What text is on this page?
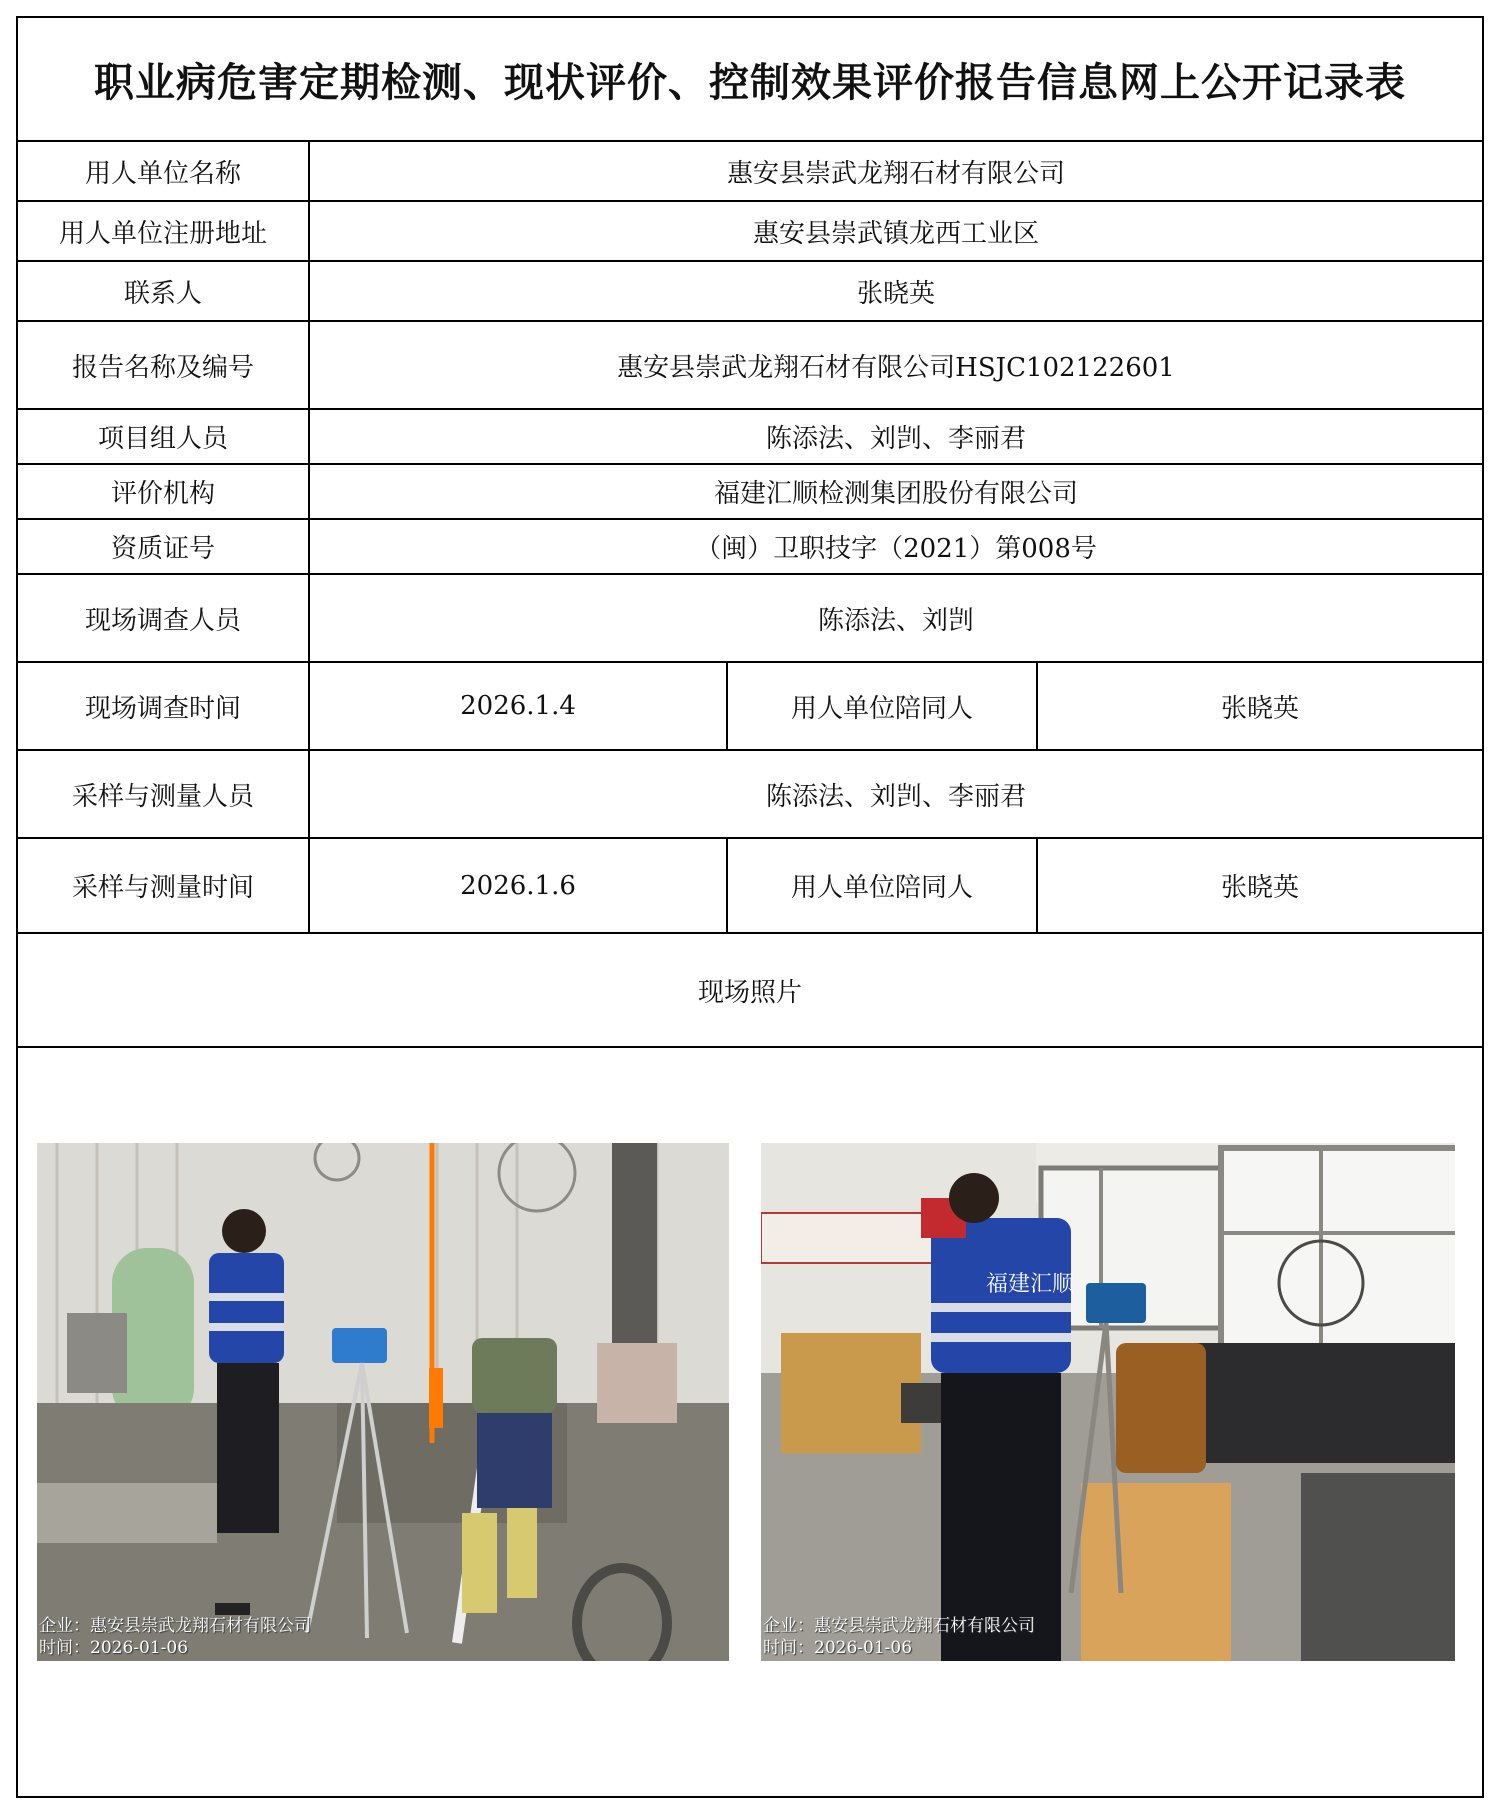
职业病危害定期检测、现状评价、控制效果评价报告信息网上公开记录表
用人单位名称	惠安县崇武龙翔石材有限公司
用人单位注册地址	惠安县崇武镇龙西工业区
联系人	张晓英
报告名称及编号	惠安县崇武龙翔石材有限公司HSJC102122601
项目组人员	陈添法、刘剀、李丽君
评价机构	福建汇顺检测集团股份有限公司
资质证号	（闽）卫职技字（2021）第008号
现场调查人员	陈添法、刘剀
现场调查时间	2026.1.4	用人单位陪同人	张晓英
采样与测量人员	陈添法、刘剀、李丽君
采样与测量时间	2026.1.6	用人单位陪同人	张晓英
现场照片
企业：惠安县崇武龙翔石材有限公司
时间：2026-01-06
福建汇顺
企业：惠安县崇武龙翔石材有限公司
时间：2026-01-06
